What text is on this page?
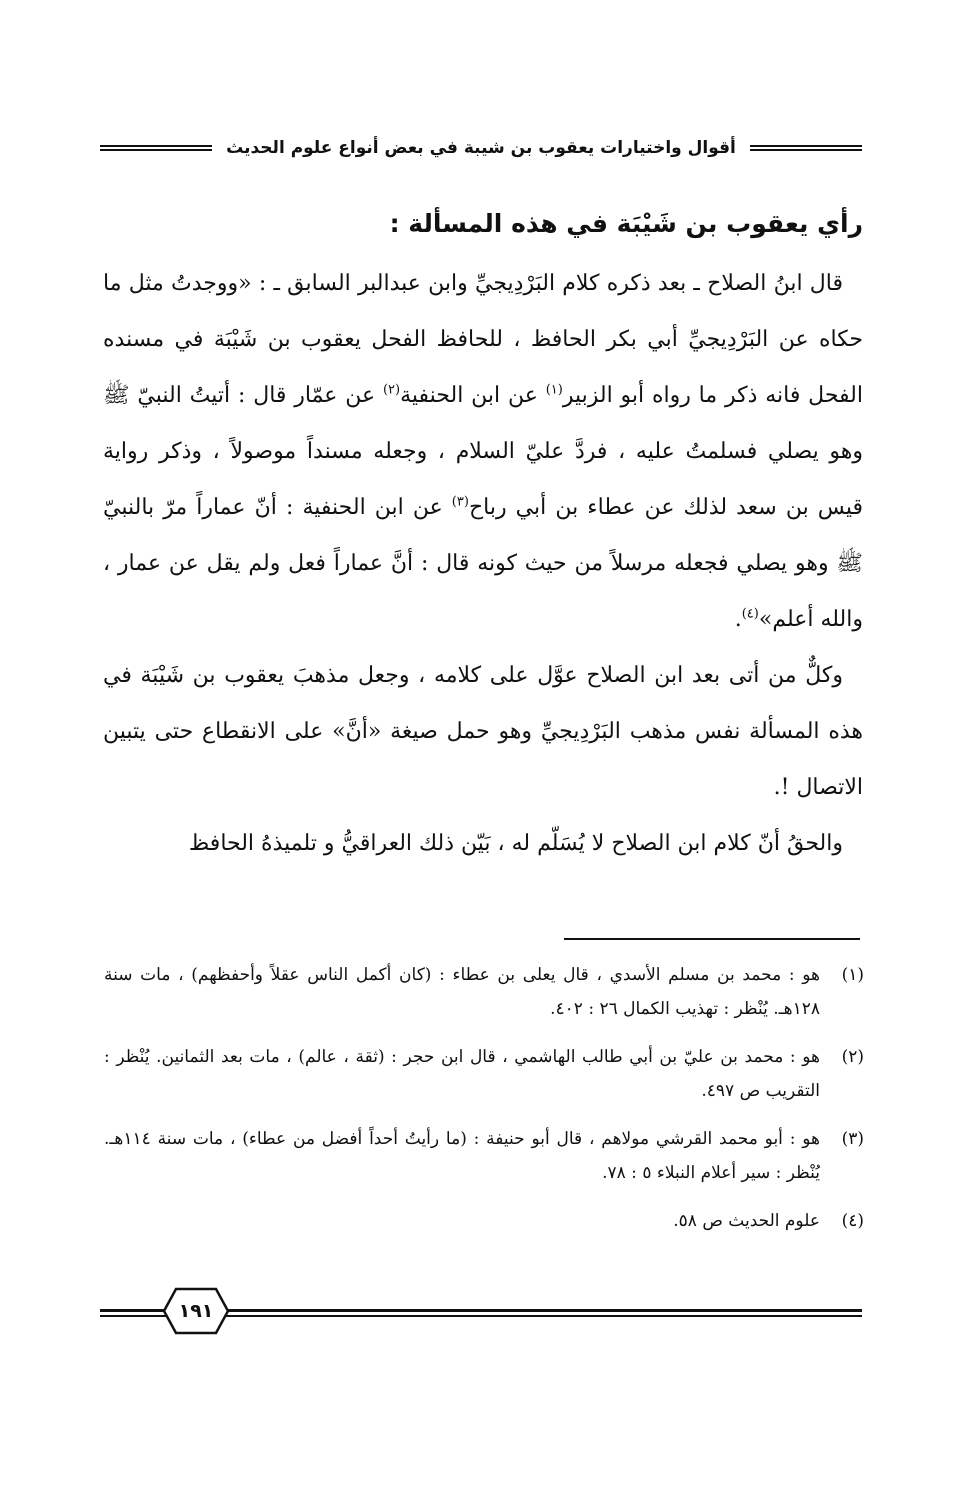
أقوال واختيارات يعقوب بن شيبة في بعض أنواع علوم الحديث
رأي يعقوب بن شَيْبَة في هذه المسألة :

قال ابنُ الصلاح ـ بعد ذكره كلام البَرْدِيجيِّ وابن عبدالبر السابق ـ : «ووجدتُ مثل ما حكاه عن البَرْدِيجيِّ أبي بكر الحافظ ، للحافظ الفحل يعقوب بن شَيْبَة في مسنده الفحل فانه ذكر ما رواه أبو الزبير$^{(١)}$ عن ابن الحنفية$^{(٢)}$ عن عمّار قال : أتيتُ النبيّ ﷺ وهو يصلي فسلمتُ عليه ، فردَّ عليّ السلام ، وجعله مسنداً موصولاً ، وذكر رواية قيس بن سعد لذلك عن عطاء بن أبي رباح$^{(٣)}$ عن ابن الحنفية : أنّ عماراً مرّ بالنبيّ ﷺ وهو يصلي فجعله مرسلاً من حيث كونه قال : أنَّ عماراً فعل ولم يقل عن عمار ، والله أعلم»$^{(٤)}$.

وكلٌّ من أتى بعد ابن الصلاح عوَّل على كلامه ، وجعل مذهبَ يعقوب بن شَيْبَة في هذه المسألة نفس مذهب البَرْدِيجيِّ وهو حمل صيغة «أنَّ» على الانقطاع حتى يتبين الاتصال !.

والحقُ أنّ كلام ابن الصلاح لا يُسَلّم له ، بَيّن ذلك العراقيُّ و تلميذهُ الحافظ

(١)
هو : محمد بن مسلم الأسدي ، قال يعلى بن عطاء : (كان أكمل الناس عقلاً وأحفظهم) ، مات سنة ١٢٨هـ. يُنْظر : تهذيب الكمال ٢٦ : ٤٠٢.
(٢)
هو : محمد بن عليّ بن أبي طالب الهاشمي ، قال ابن حجر : (ثقة ، عالم) ، مات بعد الثمانين. يُنْظر : التقريب ص ٤٩٧.
(٣)
هو : أبو محمد القرشي مولاهم ، قال أبو حنيفة : (ما رأيتُ أحداً أفضل من عطاء) ، مات سنة ١١٤هـ. يُنْظر : سير أعلام النبلاء ٥ : ٧٨.
(٤)
علوم الحديث ص ٥٨.
١٩١
